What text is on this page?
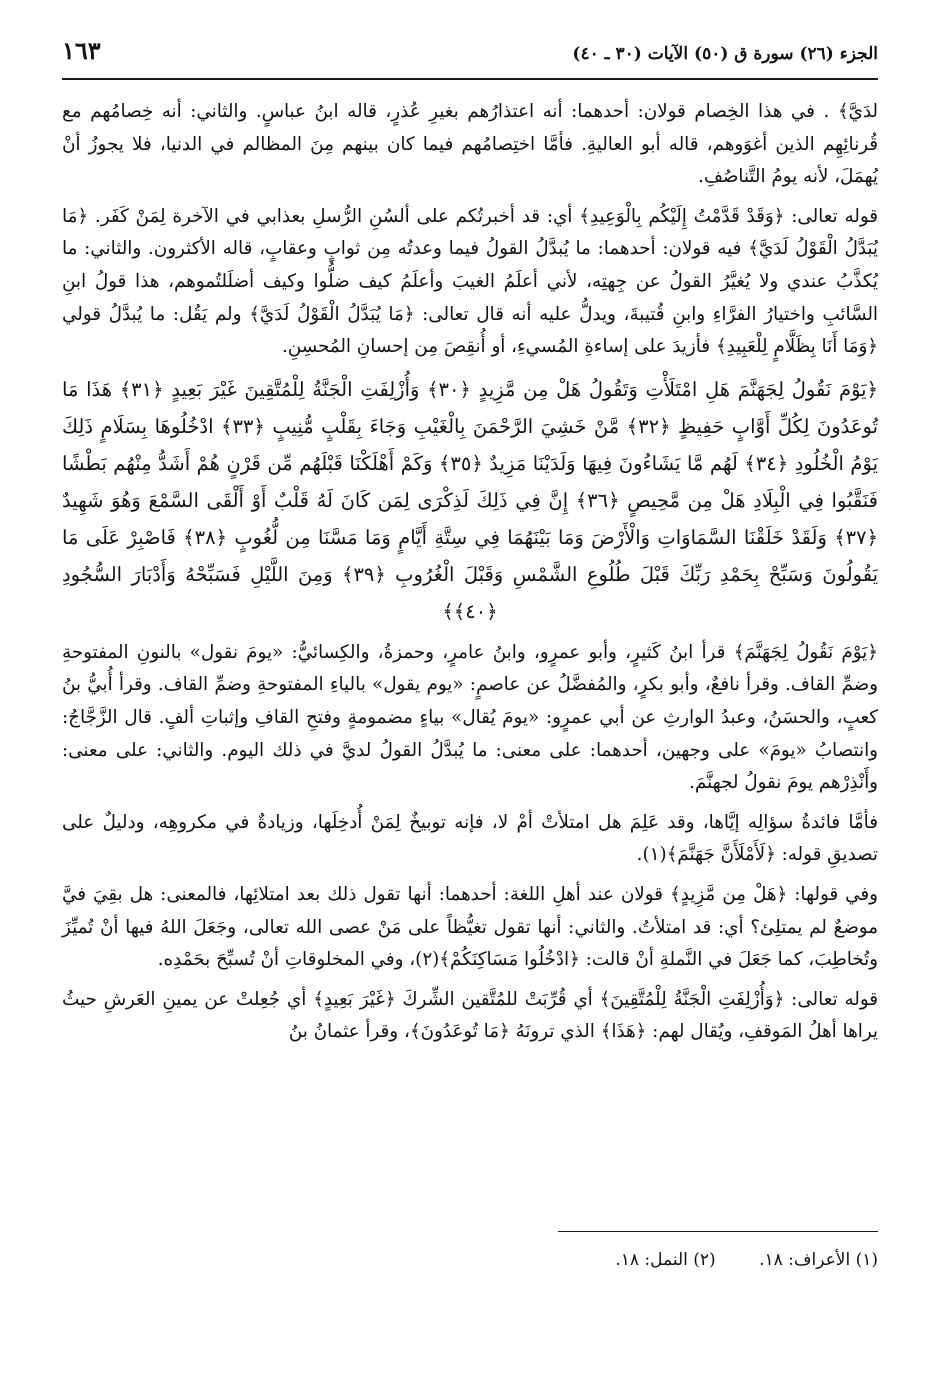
الجزء (٢٦) سورة ق (٥٠) الآيات (٣٠ ـ ٤٠)
١٦٣

لدَيَّ﴾ . في هذا الخِصام قولان: أحدهما: أنه اعتذارُهم بغيرِ عُذرٍ، قاله ابنُ عباسٍ. والثاني: أنه خِصامُهم مع قُرنائِهِم الذين أغوَوهم، قاله أبو العاليةِ. فأمَّا اختِصامُهم فيما كان بينهم مِنَ المظالم في الدنيا، فلا يجوزُ أنْ يُهمَلَ، لأنه يومُ التَّناصُفِ.

قوله تعالى: ﴿وَقَدْ قَدَّمْتُ إِلَيْكُم بِالْوَعِيدِ﴾ أي: قد أخبرتُكم على ألسُنِ الرُّسلِ بعذابي في الآخرة لِمَنْ كَفَر. ﴿مَا يُبَدَّلُ الْقَوْلُ لَدَيَّ﴾ فيه قولان: أحدهما: ما يُبدَّلُ القولُ فيما وعدتُه مِن ثوابٍ وعقابٍ، قاله الأكثرون. والثاني: ما يُكذَّبُ عندي ولا يُغيَّرُ القولُ عن جِهتِه، لأني أعلَمُ الغيبَ وأعلَمُ كيف ضلُّوا وكيف أضلَلتُموهم، هذا قولُ ابنِ السَّائبِ واختيارُ الفرَّاءِ وابنِ قُتيبةَ، ويدلُّ عليه أنه قال تعالى: ﴿مَا يُبَدَّلُ الْقَوْلُ لَدَيَّ﴾ ولم يَقُل: ما يُبدَّلُ قولي ﴿وَمَا أَنَا بِظَلَّامٍ لِلْعَبِيدِ﴾ فأزيدَ على إساءةِ المُسيءِ، أو أُنقِصَ مِن إحسانِ المُحسِنِ.

﴿يَوْمَ نَقُولُ لِجَهَنَّمَ هَلِ امْتَلَأْتِ وَتَقُولُ هَلْ مِن مَّزِيدٍ ﴿٣٠﴾ وَأُزْلِفَتِ الْجَنَّةُ لِلْمُتَّقِينَ غَيْرَ بَعِيدٍ ﴿٣١﴾ هَذَا مَا تُوعَدُونَ لِكُلِّ أَوَّابٍ حَفِيظٍ ﴿٣٢﴾ مَّنْ خَشِيَ الرَّحْمَنَ بِالْغَيْبِ وَجَاءَ بِقَلْبٍ مُّنِيبٍ ﴿٣٣﴾ ادْخُلُوهَا بِسَلَامٍ ذَلِكَ يَوْمُ الْخُلُودِ ﴿٣٤﴾ لَهُم مَّا يَشَاءُونَ فِيهَا وَلَدَيْنَا مَزِيدٌ ﴿٣٥﴾ وَكَمْ أَهْلَكْنَا قَبْلَهُم مِّن قَرْنٍ هُمْ أَشَدُّ مِنْهُم بَطْشًا فَنَقَّبُوا فِي الْبِلَادِ هَلْ مِن مَّحِيصٍ ﴿٣٦﴾ إِنَّ فِي ذَلِكَ لَذِكْرَى لِمَن كَانَ لَهُ قَلْبٌ أَوْ أَلْقَى السَّمْعَ وَهُوَ شَهِيدٌ ﴿٣٧﴾ وَلَقَدْ خَلَقْنَا السَّمَاوَاتِ وَالْأَرْضَ وَمَا بَيْنَهُمَا فِي سِتَّةِ أَيَّامٍ وَمَا مَسَّنَا مِن لُّغُوبٍ ﴿٣٨﴾ فَاصْبِرْ عَلَى مَا يَقُولُونَ وَسَبِّحْ بِحَمْدِ رَبِّكَ قَبْلَ طُلُوعِ الشَّمْسِ وَقَبْلَ الْغُرُوبِ ﴿٣٩﴾ وَمِنَ اللَّيْلِ فَسَبِّحْهُ وَأَدْبَارَ السُّجُودِ ﴿٤٠﴾﴾

﴿يَوْمَ نَقُولُ لِجَهَنَّمَ﴾ قرأ ابنُ كَثيرٍ، وأبو عمرٍو، وابنُ عامرٍ، وحمزةُ، والكِسائيُّ: «يومَ نقول» بالنونِ المفتوحةِ وضمِّ القاف. وقرأ نافعٌ، وأبو بكرٍ، والمُفضَّلُ عن عاصمٍ: «يوم يقول» بالياءِ المفتوحةِ وضمِّ القاف. وقرأ أُبيُّ بنُ كعبٍ، والحسَنُ، وعبدُ الوارثِ عن أبي عمرٍو: «يومَ يُقال» بياءٍ مضمومةٍ وفتحِ القافِ وإثباتِ ألفٍ. قال الزَّجَّاجُ: وانتصابُ «يومَ» على وجهين، أحدهما: على معنى: ما يُبدَّلُ القولُ لديَّ في ذلك اليوم. والثاني: على معنى: وأَنْذِرْهم يومَ نقولُ لجهنَّمَ.

فأمَّا فائدةُ سؤالِه إيَّاها، وقد عَلِمَ هل امتلأتْ أمْ لا، فإنه توبيخٌ لِمَنْ أُدخِلَها، وزيادةٌ في مكروهِه، ودليلٌ على تصديقِ قوله: ﴿لَأَمْلَأَنَّ جَهَنَّمَ﴾(١).

وفي قولها: ﴿هَلْ مِن مَّزِيدٍ﴾ قولان عند أهلِ اللغة: أحدهما: أنها تقول ذلك بعد امتلائِها، فالمعنى: هل بقِيَ فيَّ موضعٌ لم يمتلِئ؟ أي: قد امتلأتُ. والثاني: أنها تقول تغيُّظاً على مَنْ عصى الله تعالى، وجَعَلَ اللهُ فيها أنْ تُميِّزَ وتُخاطِبَ، كما جَعَلَ في النَّملةِ أنْ قالت: ﴿ادْخُلُوا مَسَاكِنَكُمْ﴾(٢)، وفي المخلوقاتِ أنْ تُسبِّحَ بحَمْدِه.

قوله تعالى: ﴿وَأُزْلِفَتِ الْجَنَّةُ لِلْمُتَّقِينَ﴾ أي قُرِّبَتْ للمُتَّقين الشِّركَ ﴿غَيْرَ بَعِيدٍ﴾ أي جُعِلتْ عن يمينِ العَرشِ حيثُ يراها أهلُ المَوقفِ، ويُقال لهم: ﴿هَذَا﴾ الذي ترونَهُ ﴿مَا تُوعَدُونَ﴾، وقرأ عثمانُ بنُ

(١) الأعراف: ١٨. (٢) النمل: ١٨.
